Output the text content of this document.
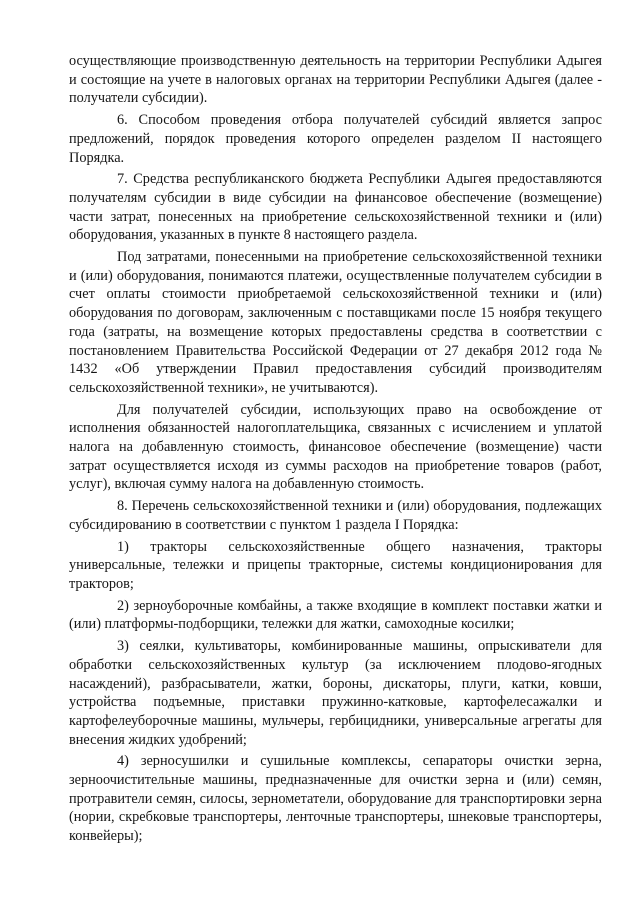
осуществляющие производственную деятельность на территории Республики Адыгея и состоящие на учете в налоговых органах на территории Республики Адыгея (далее - получатели субсидии).

6. Способом проведения отбора получателей субсидий является запрос предложений, порядок проведения которого определен разделом II настоящего Порядка.

7. Средства республиканского бюджета Республики Адыгея предоставляются получателям субсидии в виде субсидии на финансовое обеспечение (возмещение) части затрат, понесенных на приобретение сельскохозяйственной техники и (или) оборудования, указанных в пункте 8 настоящего раздела.

Под затратами, понесенными на приобретение сельскохозяйственной техники и (или) оборудования, понимаются платежи, осуществленные получателем субсидии в счет оплаты стоимости приобретаемой сельскохозяйственной техники и (или) оборудования по договорам, заключенным с поставщиками после 15 ноября текущего года (затраты, на возмещение которых предоставлены средства в соответствии с постановлением Правительства Российской Федерации от 27 декабря 2012 года № 1432 «Об утверждении Правил предоставления субсидий производителям сельскохозяйственной техники», не учитываются).

Для получателей субсидии, использующих право на освобождение от исполнения обязанностей налогоплательщика, связанных с исчислением и уплатой налога на добавленную стоимость, финансовое обеспечение (возмещение) части затрат осуществляется исходя из суммы расходов на приобретение товаров (работ, услуг), включая сумму налога на добавленную стоимость.

8. Перечень сельскохозяйственной техники и (или) оборудования, подлежащих субсидированию в соответствии с пунктом 1 раздела I Порядка:

1) тракторы сельскохозяйственные общего назначения, тракторы универсальные, тележки и прицепы тракторные, системы кондиционирования для тракторов;

2) зерноуборочные комбайны, а также входящие в комплект поставки жатки и (или) платформы-подборщики, тележки для жатки, самоходные косилки;

3) сеялки, культиваторы, комбинированные машины, опрыскиватели для обработки сельскохозяйственных культур (за исключением плодово-ягодных насаждений), разбрасыватели, жатки, бороны, дискаторы, плуги, катки, ковши, устройства подъемные, приставки пружинно-катковые, картофелесажалки и картофелеуборочные машины, мульчеры, гербицидники, универсальные агрегаты для внесения жидких удобрений;

4) зерносушилки и сушильные комплексы, сепараторы очистки зерна, зерноочистительные машины, предназначенные для очистки зерна и (или) семян, протравители семян, силосы, зернометатели, оборудование для транспортировки зерна (нории, скребковые транспортеры, ленточные транспортеры, шнековые транспортеры, конвейеры);
